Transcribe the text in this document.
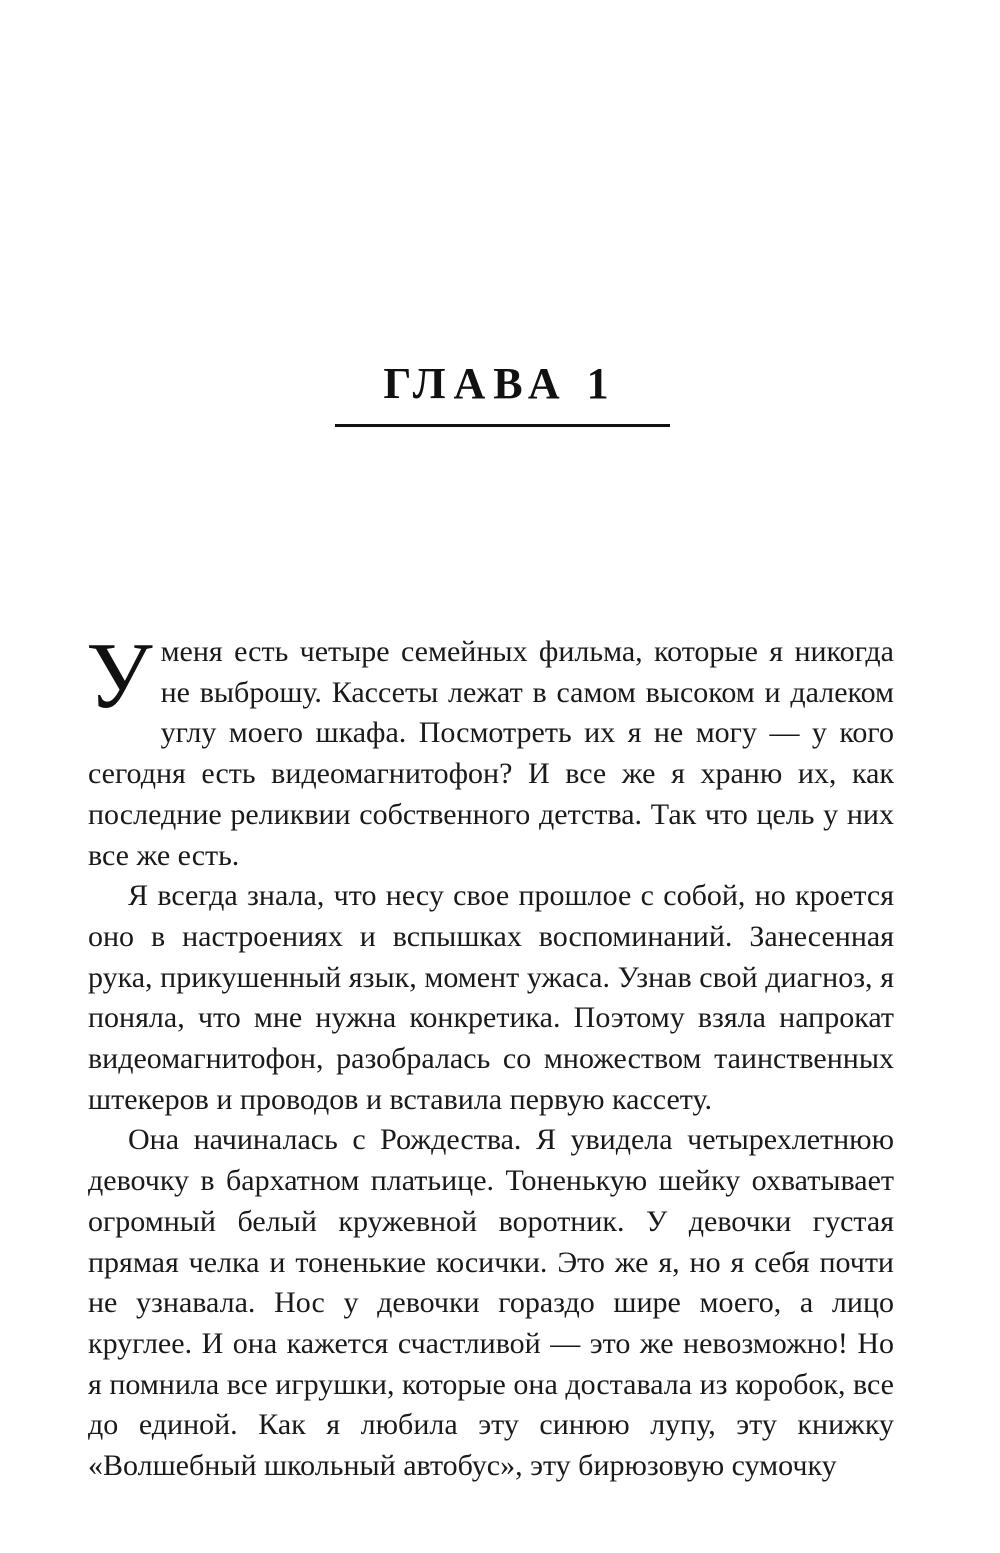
ГЛАВА 1

Уменя есть четыре семейных фильма, которые я никогда не выброшу. Кассеты лежат в самом высоком и далеком углу моего шкафа. Посмотреть их я не могу — у кого сегодня есть видеомагнитофон? И все же я храню их, как последние реликвии собственного детства. Так что цель у них все же есть.

Я всегда знала, что несу свое прошлое с собой, но кроется оно в настроениях и вспышках воспоминаний. Занесенная рука, прикушенный язык, момент ужаса. Узнав свой диагноз, я поняла, что мне нужна конкретика. Поэтому взяла напрокат видеомагнитофон, разобралась со множеством таинственных штекеров и проводов и вставила первую кассету.

Она начиналась с Рождества. Я увидела четырехлетнюю девочку в бархатном платьице. Тоненькую шейку охватывает огромный белый кружевной воротник. У девочки густая прямая челка и тоненькие косички. Это же я, но я себя почти не узнавала. Нос у девочки гораздо шире моего, а лицо круглее. И она кажется счастливой — это же невозможно! Но я помнила все игрушки, которые она доставала из коробок, все до единой. Как я любила эту синюю лупу, эту книжку «Волшебный школьный автобус», эту бирюзовую сумочку
